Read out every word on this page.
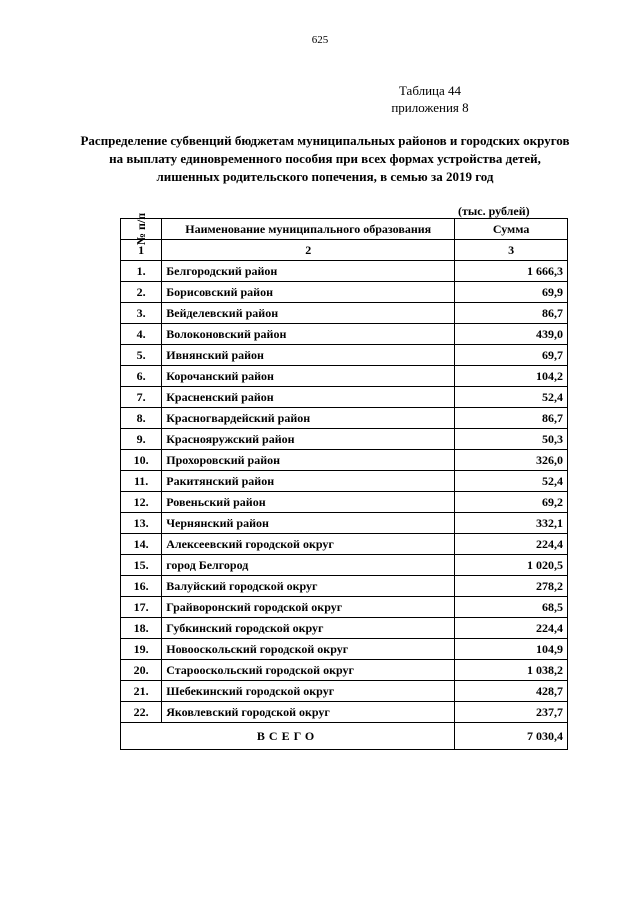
625
Таблица 44
приложения 8
Распределение субвенций бюджетам муниципальных районов и городских округов на выплату единовременного пособия при всех формах устройства детей, лишенных родительского попечения, в семью за 2019 год
(тыс. рублей)
№ п/п	Наименование муниципального образования	Сумма
1	2	3
1.	Белгородский район	1 666,3
2.	Борисовский район	69,9
3.	Вейделевский район	86,7
4.	Волоконовский район	439,0
5.	Ивнянский район	69,7
6.	Корочанский район	104,2
7.	Красненский район	52,4
8.	Красногвардейский район	86,7
9.	Краснояружский район	50,3
10.	Прохоровский район	326,0
11.	Ракитянский район	52,4
12.	Ровеньский район	69,2
13.	Чернянский район	332,1
14.	Алексеевский городской округ	224,4
15.	город Белгород	1 020,5
16.	Валуйский городской округ	278,2
17.	Грайворонский городской округ	68,5
18.	Губкинский городской округ	224,4
19.	Новооскольский городской округ	104,9
20.	Старооскольский городской округ	1 038,2
21.	Шебекинский городской округ	428,7
22.	Яковлевский городской округ	237,7
ВСЕГО		7 030,4
